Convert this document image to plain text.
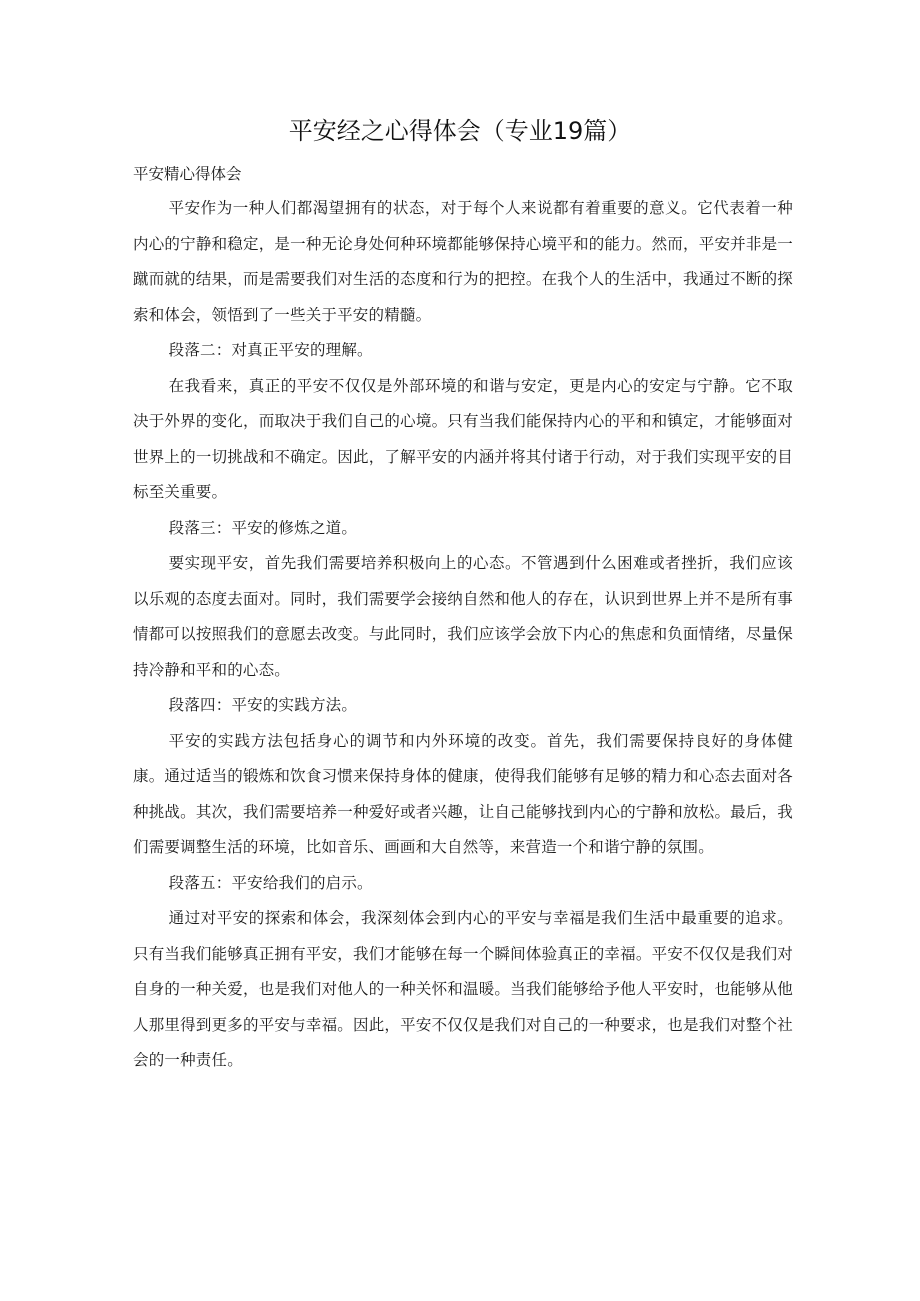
平安经之心得体会（专业19篇）
平安精心得体会

平安作为一种人们都渴望拥有的状态，对于每个人来说都有着重要的意义。它代表着一种内心的宁静和稳定，是一种无论身处何种环境都能够保持心境平和的能力。然而，平安并非是一蹴而就的结果，而是需要我们对生活的态度和行为的把控。在我个人的生活中，我通过不断的探索和体会，领悟到了一些关于平安的精髓。

段落二：对真正平安的理解。

在我看来，真正的平安不仅仅是外部环境的和谐与安定，更是内心的安定与宁静。它不取决于外界的变化，而取决于我们自己的心境。只有当我们能保持内心的平和和镇定，才能够面对世界上的一切挑战和不确定。因此，了解平安的内涵并将其付诸于行动，对于我们实现平安的目标至关重要。

段落三：平安的修炼之道。

要实现平安，首先我们需要培养积极向上的心态。不管遇到什么困难或者挫折，我们应该以乐观的态度去面对。同时，我们需要学会接纳自然和他人的存在，认识到世界上并不是所有事情都可以按照我们的意愿去改变。与此同时，我们应该学会放下内心的焦虑和负面情绪，尽量保持冷静和平和的心态。

段落四：平安的实践方法。

平安的实践方法包括身心的调节和内外环境的改变。首先，我们需要保持良好的身体健康。通过适当的锻炼和饮食习惯来保持身体的健康，使得我们能够有足够的精力和心态去面对各种挑战。其次，我们需要培养一种爱好或者兴趣，让自己能够找到内心的宁静和放松。最后，我们需要调整生活的环境，比如音乐、画画和大自然等，来营造一个和谐宁静的氛围。

段落五：平安给我们的启示。

通过对平安的探索和体会，我深刻体会到内心的平安与幸福是我们生活中最重要的追求。只有当我们能够真正拥有平安，我们才能够在每一个瞬间体验真正的幸福。平安不仅仅是我们对自身的一种关爱，也是我们对他人的一种关怀和温暖。当我们能够给予他人平安时，也能够从他人那里得到更多的平安与幸福。因此，平安不仅仅是我们对自己的一种要求，也是我们对整个社会的一种责任。
